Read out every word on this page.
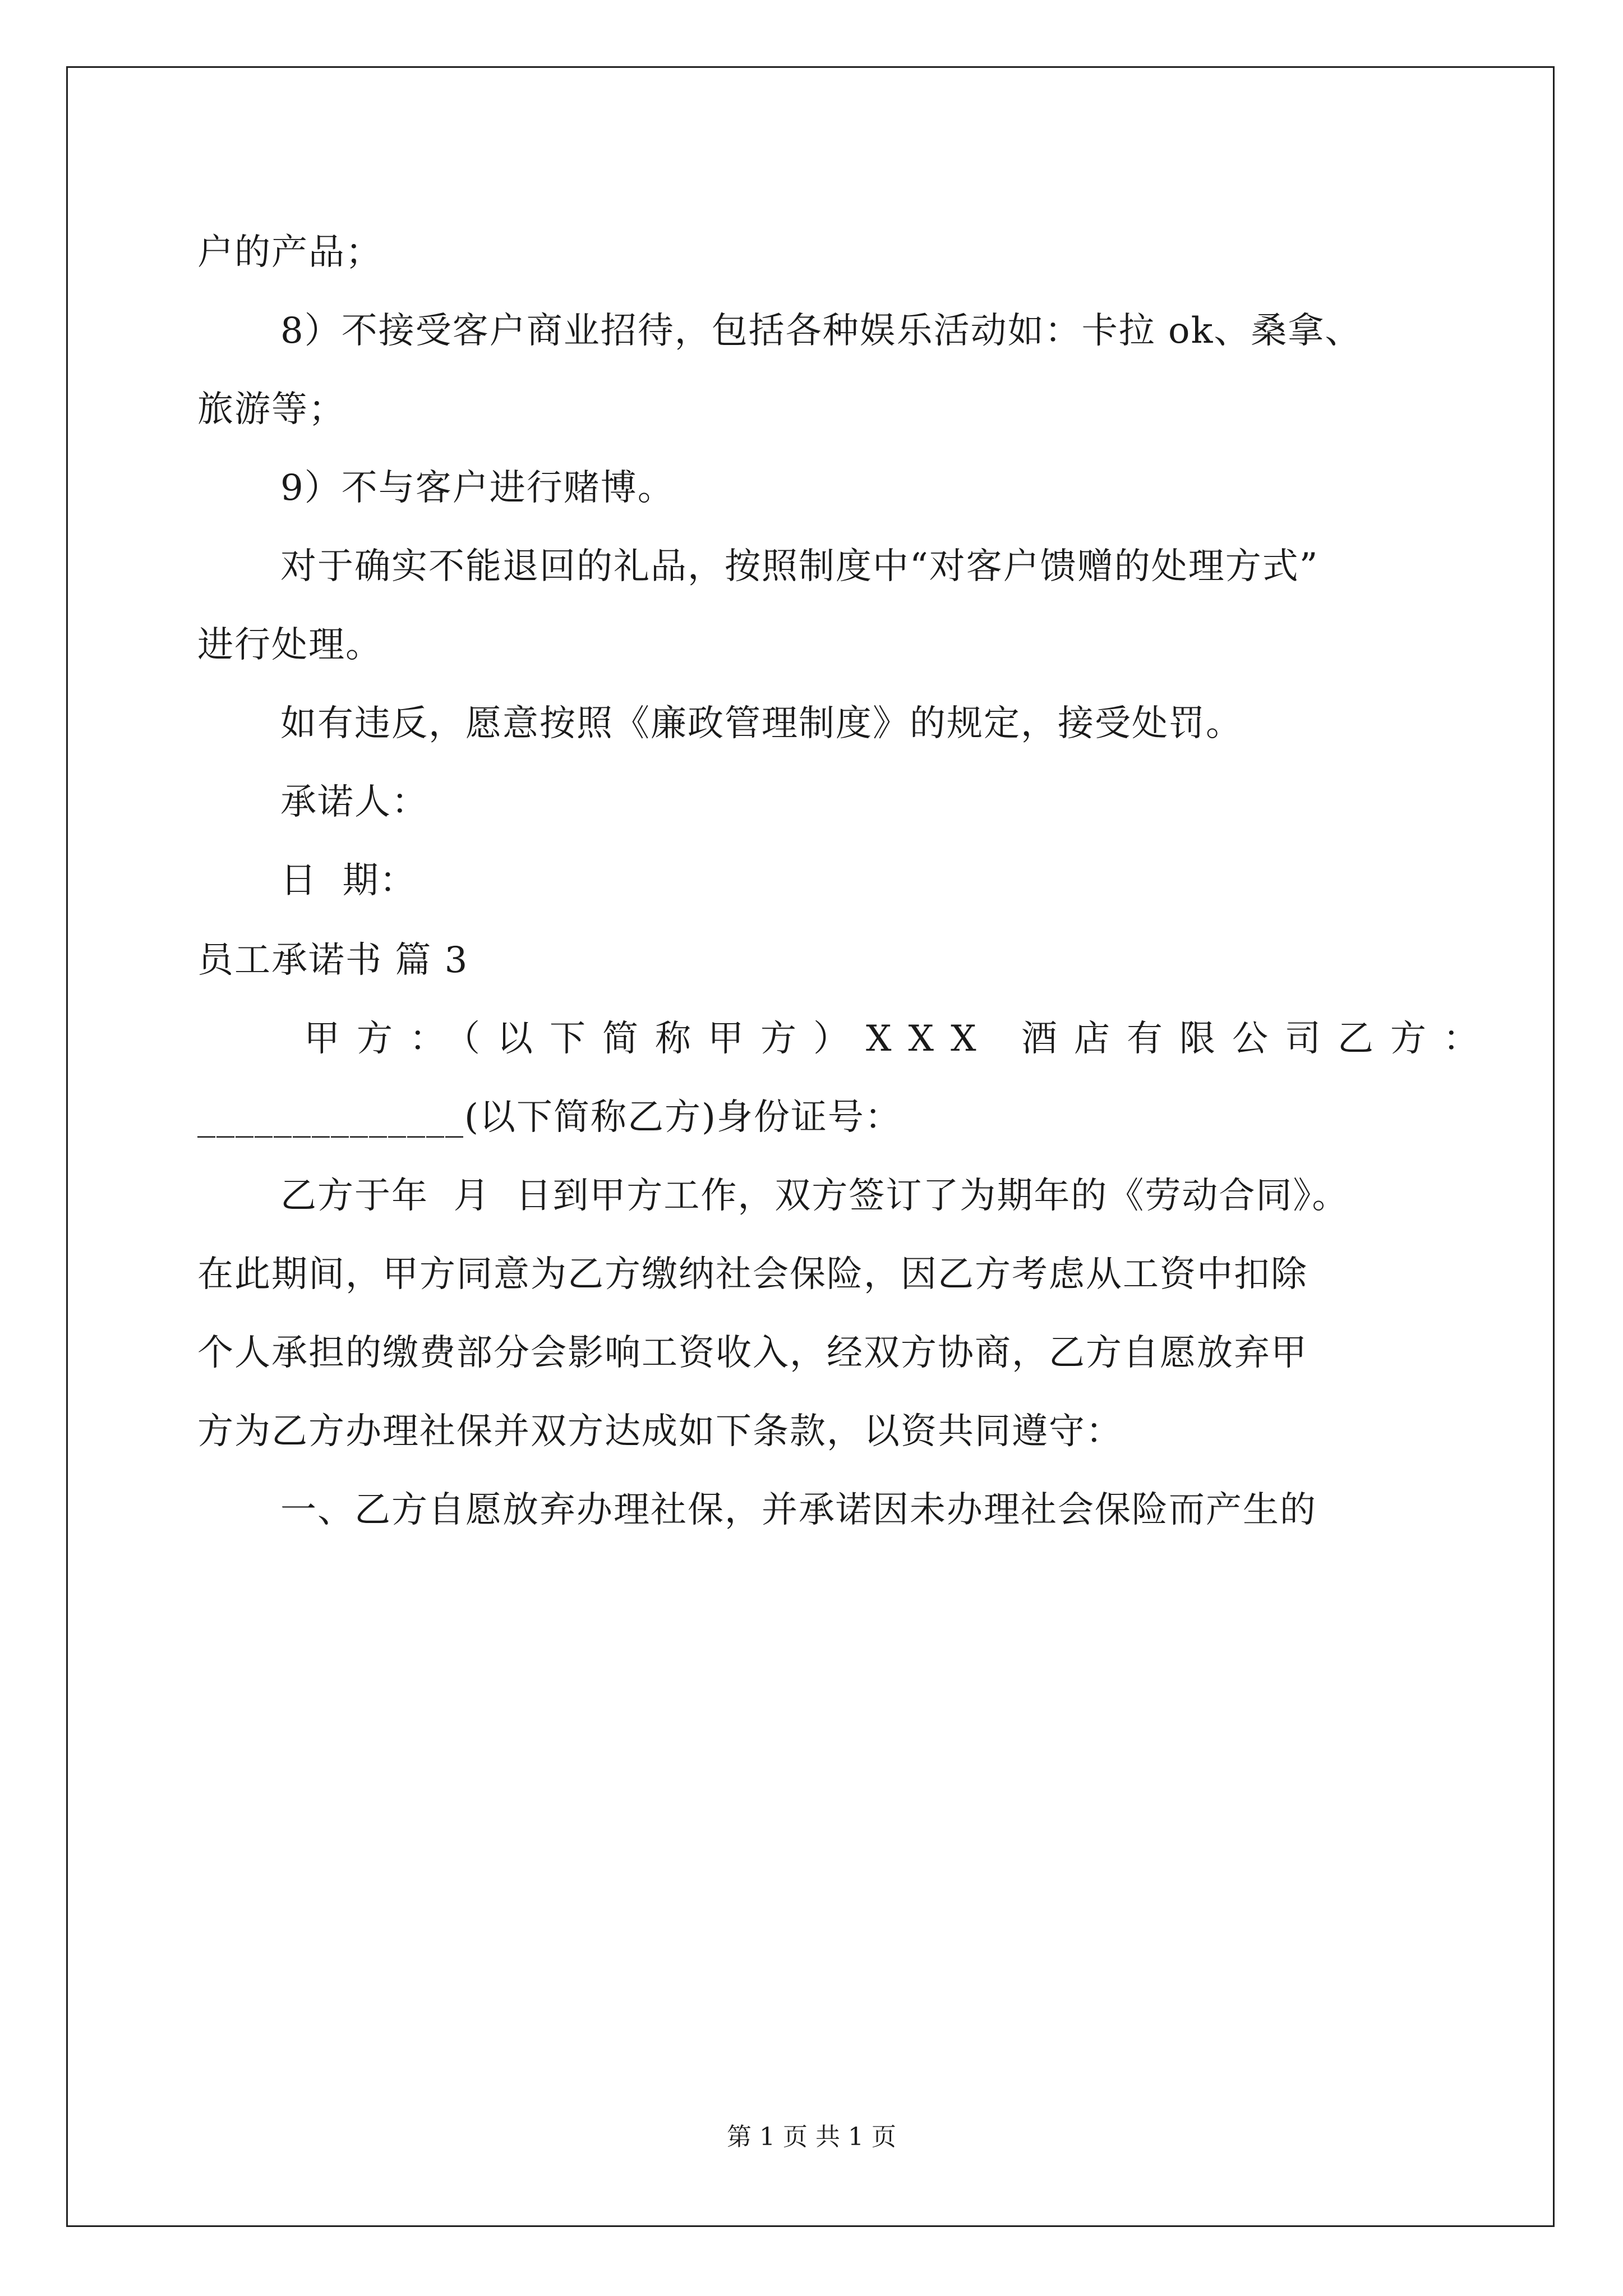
户的产品；
8）不接受客户商业招待，包括各种娱乐活动如：卡拉 ok、桑拿、
旅游等；
9）不与客户进行赌博。
对于确实不能退回的礼品，按照制度中“对客户馈赠的处理方式”
进行处理。
如有违反，愿意按照《廉政管理制度》的规定，接受处罚。
承诺人：
日  期：
员工承诺书 篇 3
甲方：（以下简称甲方）XXX 酒店有限公司 乙方：
______________(以下简称乙方)身份证号：
乙方于年  月  日到甲方工作，双方签订了为期年的《劳动合同》。
在此期间，甲方同意为乙方缴纳社会保险，因乙方考虑从工资中扣除
个人承担的缴费部分会影响工资收入，经双方协商，乙方自愿放弃甲
方为乙方办理社保并双方达成如下条款，以资共同遵守：
一、乙方自愿放弃办理社保，并承诺因未办理社会保险而产生的
第 1 页 共 1 页
